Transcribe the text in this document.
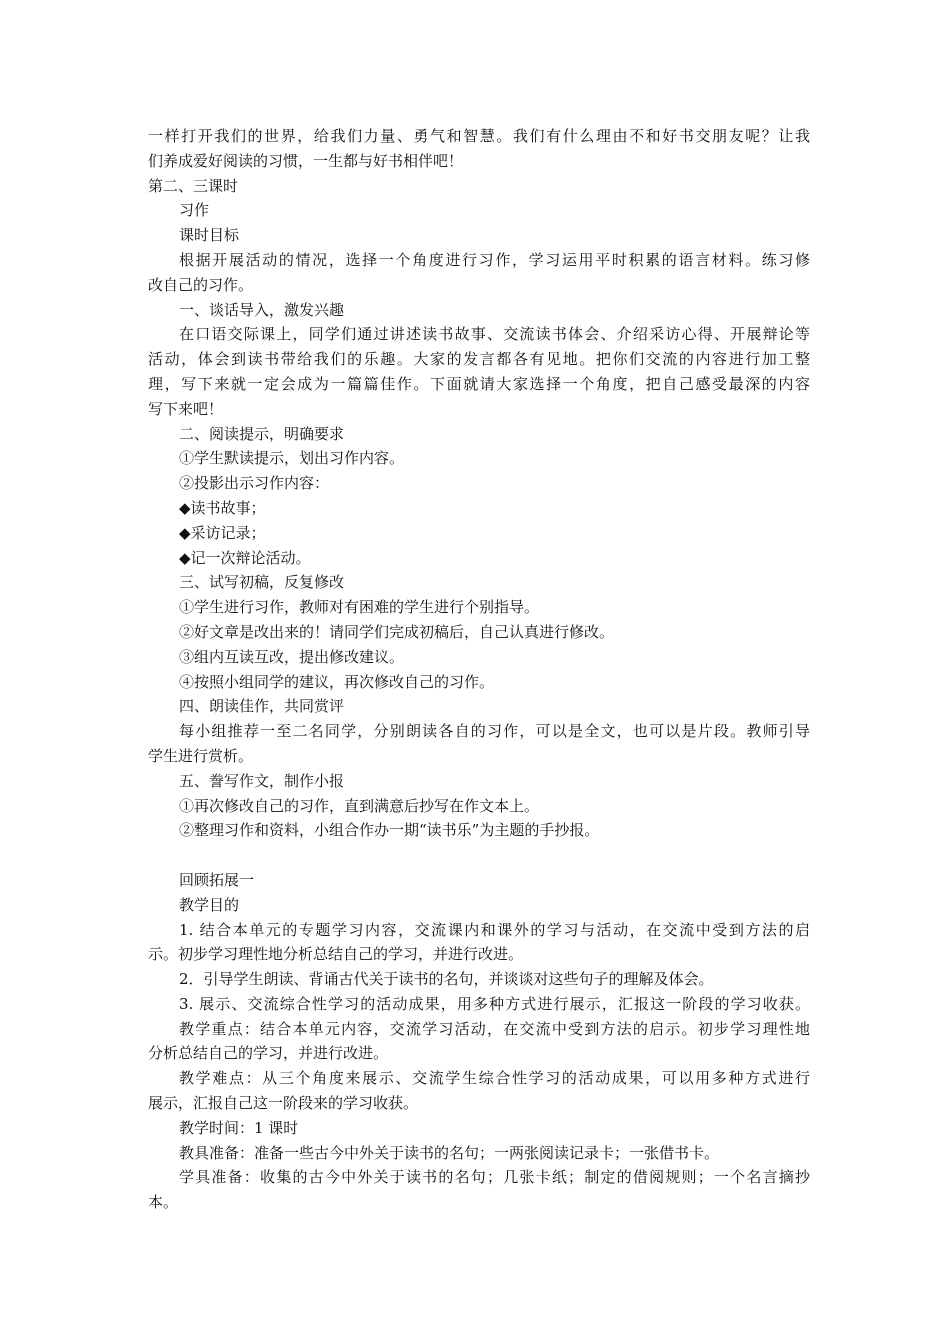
一样打开我们的世界，给我们力量、勇气和智慧。我们有什么理由不和好书交朋友呢？让我
们养成爱好阅读的习惯，一生都与好书相伴吧！
第二、三课时
习作
课时目标
根据开展活动的情况，选择一个角度进行习作，学习运用平时积累的语言材料。练习修
改自己的习作。
一、谈话导入，激发兴趣
在口语交际课上，同学们通过讲述读书故事、交流读书体会、介绍采访心得、开展辩论等
活动，体会到读书带给我们的乐趣。大家的发言都各有见地。把你们交流的内容进行加工整
理，写下来就一定会成为一篇篇佳作。下面就请大家选择一个角度，把自己感受最深的内容
写下来吧！
二、阅读提示，明确要求
①学生默读提示，划出习作内容。
②投影出示习作内容：
◆读书故事；
◆采访记录；
◆记一次辩论活动。
三、试写初稿，反复修改
①学生进行习作，教师对有困难的学生进行个别指导。
②好文章是改出来的！请同学们完成初稿后，自己认真进行修改。
③组内互读互改，提出修改建议。
④按照小组同学的建议，再次修改自己的习作。
四、朗读佳作，共同赏评
每小组推荐一至二名同学，分别朗读各自的习作，可以是全文，也可以是片段。教师引导
学生进行赏析。
五、誊写作文，制作小报
①再次修改自己的习作，直到满意后抄写在作文本上。
②整理习作和资料，小组合作办一期“读书乐”为主题的手抄报。
回顾拓展一
教学目的
1. 结合本单元的专题学习内容，交流课内和课外的学习与活动，在交流中受到方法的启
示。初步学习理性地分析总结自己的学习，并进行改进。
2．引导学生朗读、背诵古代关于读书的名句，并谈谈对这些句子的理解及体会。
3. 展示、交流综合性学习的活动成果，用多种方式进行展示，汇报这一阶段的学习收获。
教学重点：结合本单元内容，交流学习活动，在交流中受到方法的启示。初步学习理性地
分析总结自己的学习，并进行改进。
教学难点：从三个角度来展示、交流学生综合性学习的活动成果，可以用多种方式进行
展示，汇报自己这一阶段来的学习收获。
教学时间：1 课时
教具准备：准备一些古今中外关于读书的名句；一两张阅读记录卡；一张借书卡。
学具准备：收集的古今中外关于读书的名句；几张卡纸；制定的借阅规则；一个名言摘抄
本。
